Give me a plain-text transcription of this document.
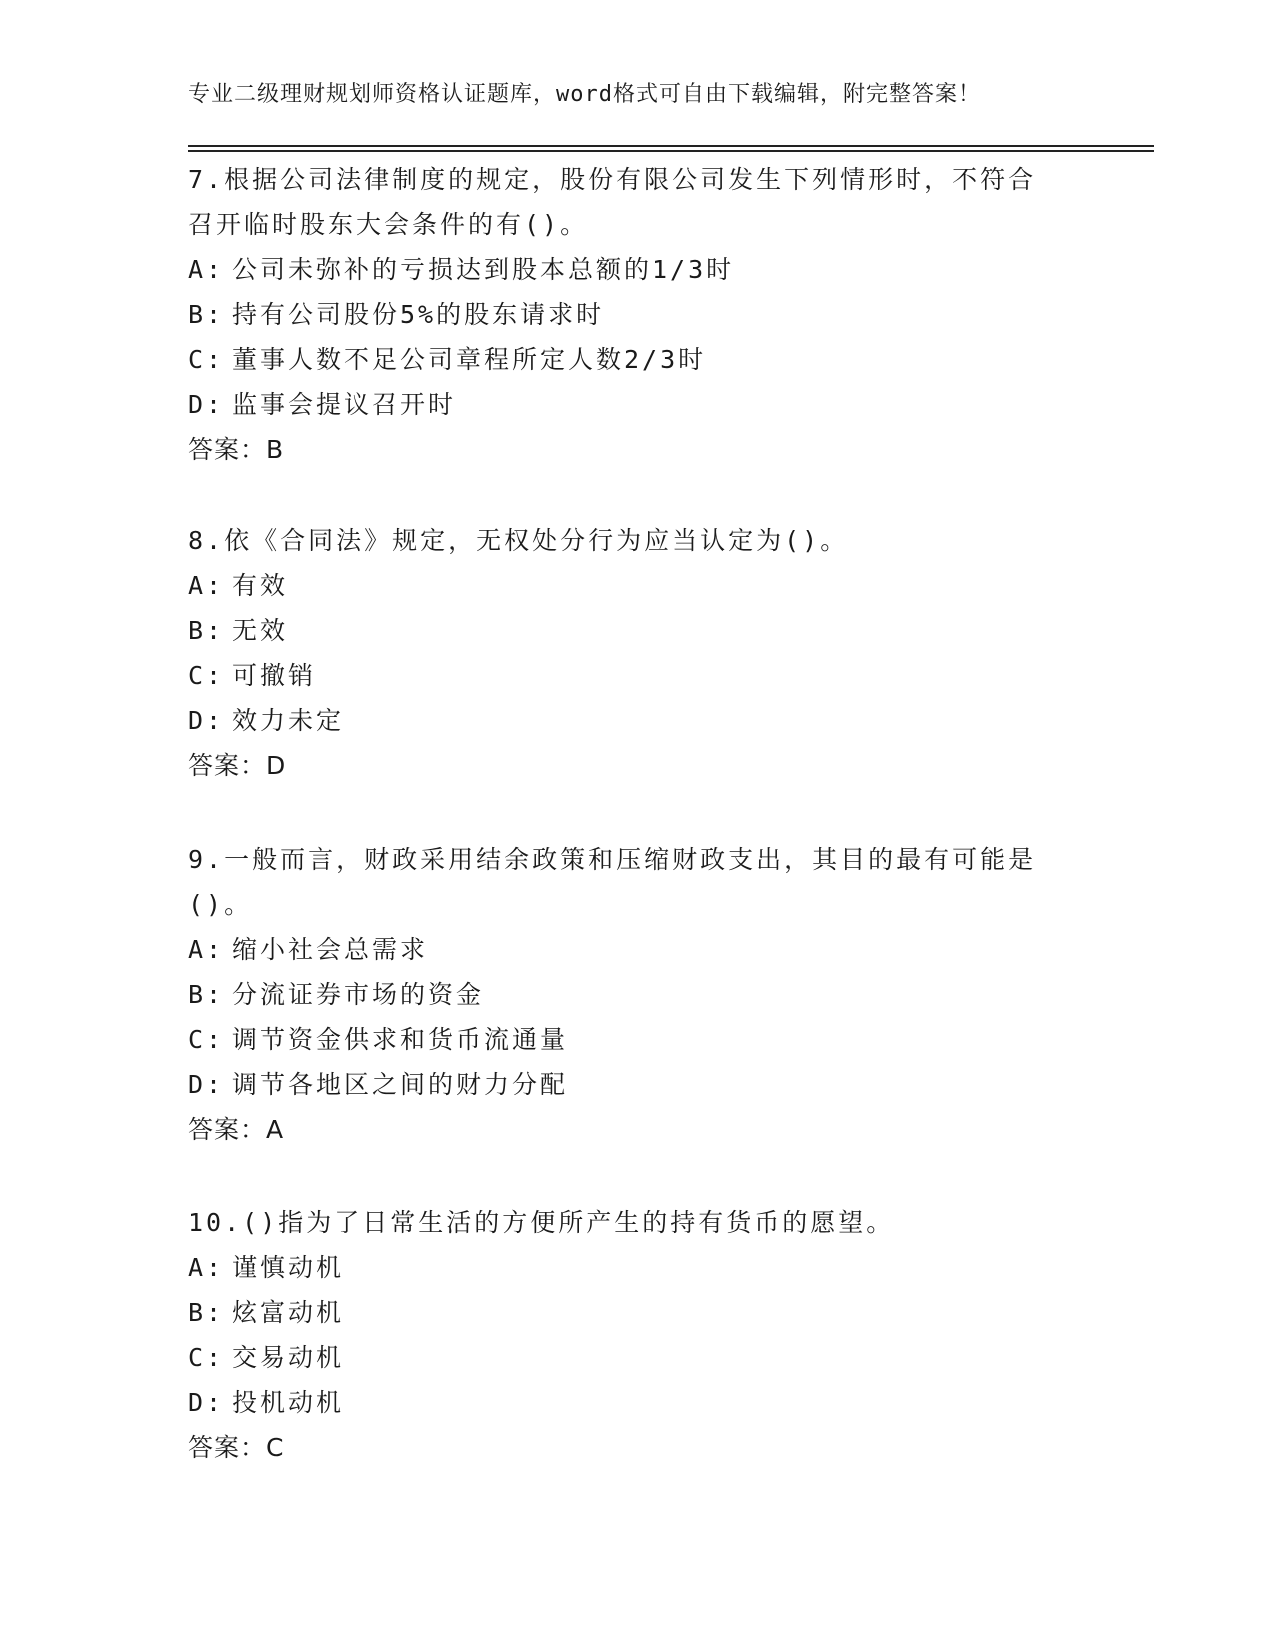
专业二级理财规划师资格认证题库，word格式可自由下载编辑，附完整答案！
7.根据公司法律制度的规定，股份有限公司发生下列情形时，不符合
召开临时股东大会条件的有()。
A: 公司未弥补的亏损达到股本总额的1/3时
B: 持有公司股份5%的股东请求时
C: 董事人数不足公司章程所定人数2/3时
D: 监事会提议召开时
答案：B
8.依《合同法》规定，无权处分行为应当认定为()。
A: 有效
B: 无效
C: 可撤销
D: 效力未定
答案：D
9.一般而言，财政采用结余政策和压缩财政支出，其目的最有可能是
()。
A: 缩小社会总需求
B: 分流证券市场的资金
C: 调节资金供求和货币流通量
D: 调节各地区之间的财力分配
答案：A
10.()指为了日常生活的方便所产生的持有货币的愿望。
A: 谨慎动机
B: 炫富动机
C: 交易动机
D: 投机动机
答案：C
